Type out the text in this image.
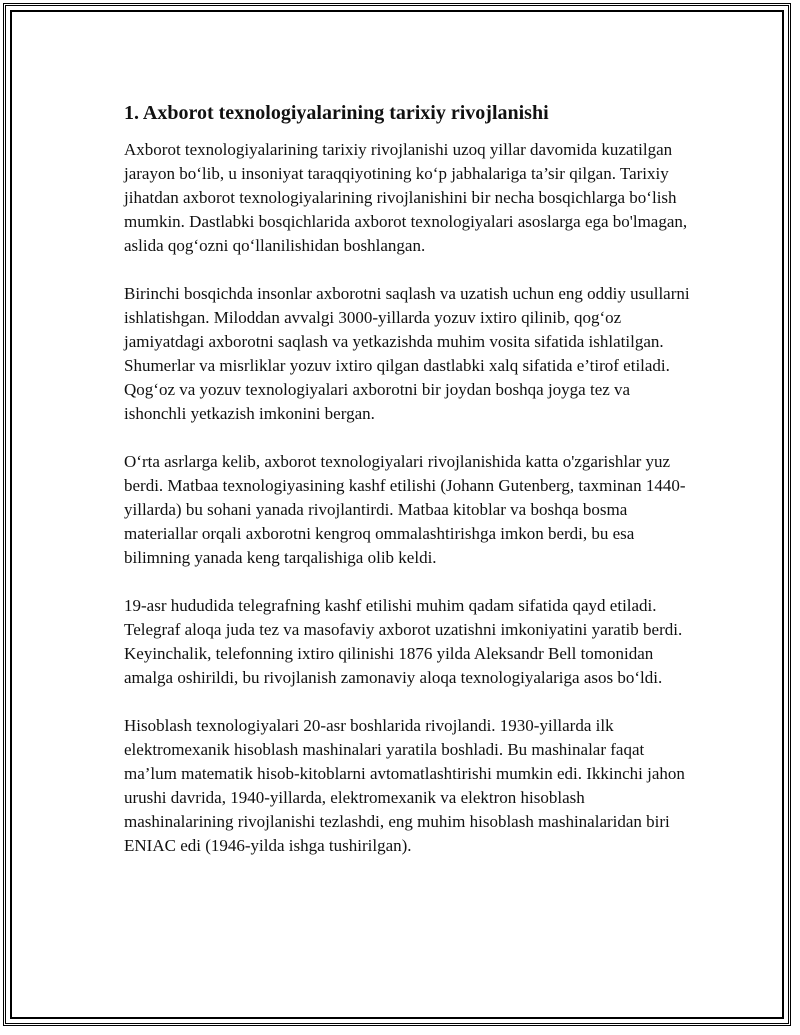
1. Axborot texnologiyalarining tarixiy rivojlanishi

Axborot texnologiyalarining tarixiy rivojlanishi uzoq yillar davomida kuzatilgan jarayon bo‘lib, u insoniyat taraqqiyotining ko‘p jabhalariga ta’sir qilgan. Tarixiy jihatdan axborot texnologiyalarining rivojlanishini bir necha bosqichlarga bo‘lish mumkin. Dastlabki bosqichlarida axborot texnologiyalari asoslarga ega bo'lmagan, aslida qog‘ozni qo‘llanilishidan boshlangan.

Birinchi bosqichda insonlar axborotni saqlash va uzatish uchun eng oddiy usullarni ishlatishgan. Miloddan avvalgi 3000-yillarda yozuv ixtiro qilinib, qog‘oz jamiyatdagi axborotni saqlash va yetkazishda muhim vosita sifatida ishlatilgan. Shumerlar va misrliklar yozuv ixtiro qilgan dastlabki xalq sifatida e’tirof etiladi. Qog‘oz va yozuv texnologiyalari axborotni bir joydan boshqa joyga tez va ishonchli yetkazish imkonini bergan.

O‘rta asrlarga kelib, axborot texnologiyalari rivojlanishida katta o'zgarishlar yuz berdi. Matbaa texnologiyasining kashf etilishi (Johann Gutenberg, taxminan 1440-yillarda) bu sohani yanada rivojlantirdi. Matbaa kitoblar va boshqa bosma materiallar orqali axborotni kengroq ommalashtirishga imkon berdi, bu esa bilimning yanada keng tarqalishiga olib keldi.

19-asr hududida telegrafning kashf etilishi muhim qadam sifatida qayd etiladi. Telegraf aloqa juda tez va masofaviy axborot uzatishni imkoniyatini yaratib berdi. Keyinchalik, telefonning ixtiro qilinishi 1876 yilda Aleksandr Bell tomonidan amalga oshirildi, bu rivojlanish zamonaviy aloqa texnologiyalariga asos bo‘ldi.

Hisoblash texnologiyalari 20-asr boshlarida rivojlandi. 1930-yillarda ilk elektromexanik hisoblash mashinalari yaratila boshladi. Bu mashinalar faqat ma’lum matematik hisob-kitoblarni avtomatlashtirishi mumkin edi. Ikkinchi jahon urushi davrida, 1940-yillarda, elektromexanik va elektron hisoblash mashinalarining rivojlanishi tezlashdi, eng muhim hisoblash mashinalaridan biri ENIAC edi (1946-yilda ishga tushirilgan).
